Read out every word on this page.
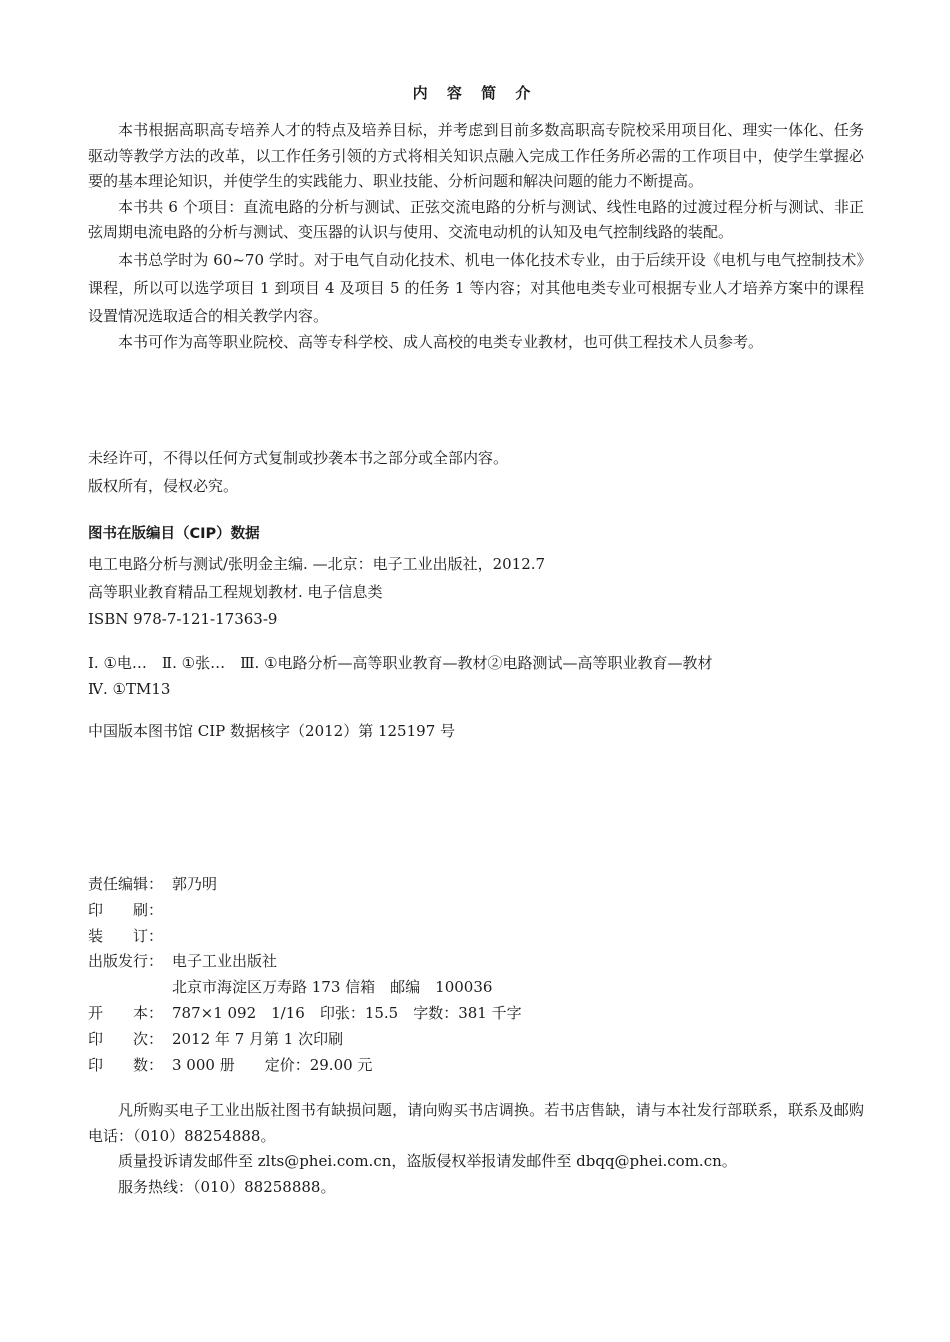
内 容 简 介

本书根据高职高专培养人才的特点及培养目标，并考虑到目前多数高职高专院校采用项目化、理实一体化、任务驱动等教学方法的改革，以工作任务引领的方式将相关知识点融入完成工作任务所必需的工作项目中，使学生掌握必要的基本理论知识，并使学生的实践能力、职业技能、分析问题和解决问题的能力不断提高。

本书共 6 个项目：直流电路的分析与测试、正弦交流电路的分析与测试、线性电路的过渡过程分析与测试、非正弦周期电流电路的分析与测试、变压器的认识与使用、交流电动机的认知及电气控制线路的装配。

本书总学时为 60~70 学时。对于电气自动化技术、机电一体化技术专业，由于后续开设《电机与电气控制技术》课程，所以可以选学项目 1 到项目 4 及项目 5 的任务 1 等内容；对其他电类专业可根据专业人才培养方案中的课程设置情况选取适合的相关教学内容。

本书可作为高等职业院校、高等专科学校、成人高校的电类专业教材，也可供工程技术人员参考。

未经许可，不得以任何方式复制或抄袭本书之部分或全部内容。
版权所有，侵权必究。
图书在版编目（CIP）数据
电工电路分析与测试/张明金主编. —北京：电子工业出版社，2012.7
高等职业教育精品工程规划教材. 电子信息类
ISBN 978-7-121-17363-9
Ⅰ. ①电…　Ⅱ. ①张…　Ⅲ. ①电路分析—高等职业教育—教材②电路测试—高等职业教育—教材
Ⅳ. ①TM13
中国版本图书馆 CIP 数据核字（2012）第 125197 号
责任编辑： 郭乃明
印　　刷：
装　　订：
出版发行： 电子工业出版社
北京市海淀区万寿路 173 信箱　邮编　100036
开　　本： 787×1 092　1/16　印张：15.5　字数：381 千字
印　　次： 2012 年 7 月第 1 次印刷
印　　数： 3 000 册　　定价：29.00 元

凡所购买电子工业出版社图书有缺损问题，请向购买书店调换。若书店售缺，请与本社发行部联系，联系及邮购电话：（010）88254888。

质量投诉请发邮件至 zlts@phei.com.cn，盗版侵权举报请发邮件至 dbqq@phei.com.cn。

服务热线：（010）88258888。
